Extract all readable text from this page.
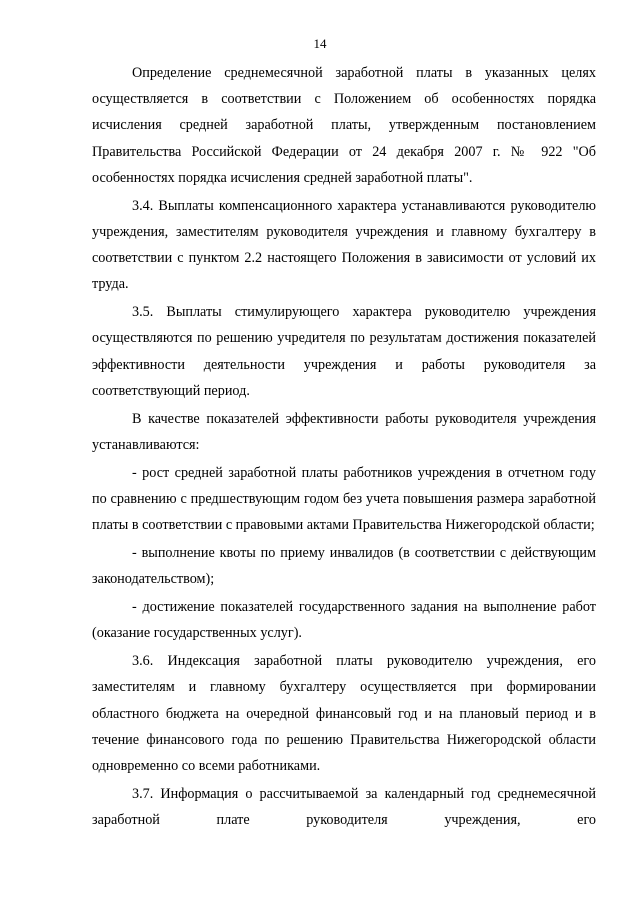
14

Определение среднемесячной заработной платы в указанных целях осуществляется в соответствии с Положением об особенностях порядка исчисления средней заработной платы, утвержденным постановлением Правительства Российской Федерации от 24 декабря 2007 г. № 922 "Об особенностях порядка исчисления средней заработной платы".

3.4. Выплаты компенсационного характера устанавливаются руководителю учреждения, заместителям руководителя учреждения и главному бухгалтеру в соответствии с пунктом 2.2 настоящего Положения в зависимости от условий их труда.

3.5. Выплаты стимулирующего характера руководителю учреждения осуществляются по решению учредителя по результатам достижения показателей эффективности деятельности учреждения и работы руководителя за соответствующий период.

В качестве показателей эффективности работы руководителя учреждения устанавливаются:

- рост средней заработной платы работников учреждения в отчетном году по сравнению с предшествующим годом без учета повышения размера заработной платы в соответствии с правовыми актами Правительства Нижегородской области;

- выполнение квоты по приему инвалидов (в соответствии с действующим законодательством);

- достижение показателей государственного задания на выполнение работ (оказание государственных услуг).

3.6. Индексация заработной платы руководителю учреждения, его заместителям и главному бухгалтеру осуществляется при формировании областного бюджета на очередной финансовый год и на плановый период и в течение финансового года по решению Правительства Нижегородской области одновременно со всеми работниками.

3.7. Информация о рассчитываемой за календарный год среднемесячной заработной плате руководителя учреждения, его
